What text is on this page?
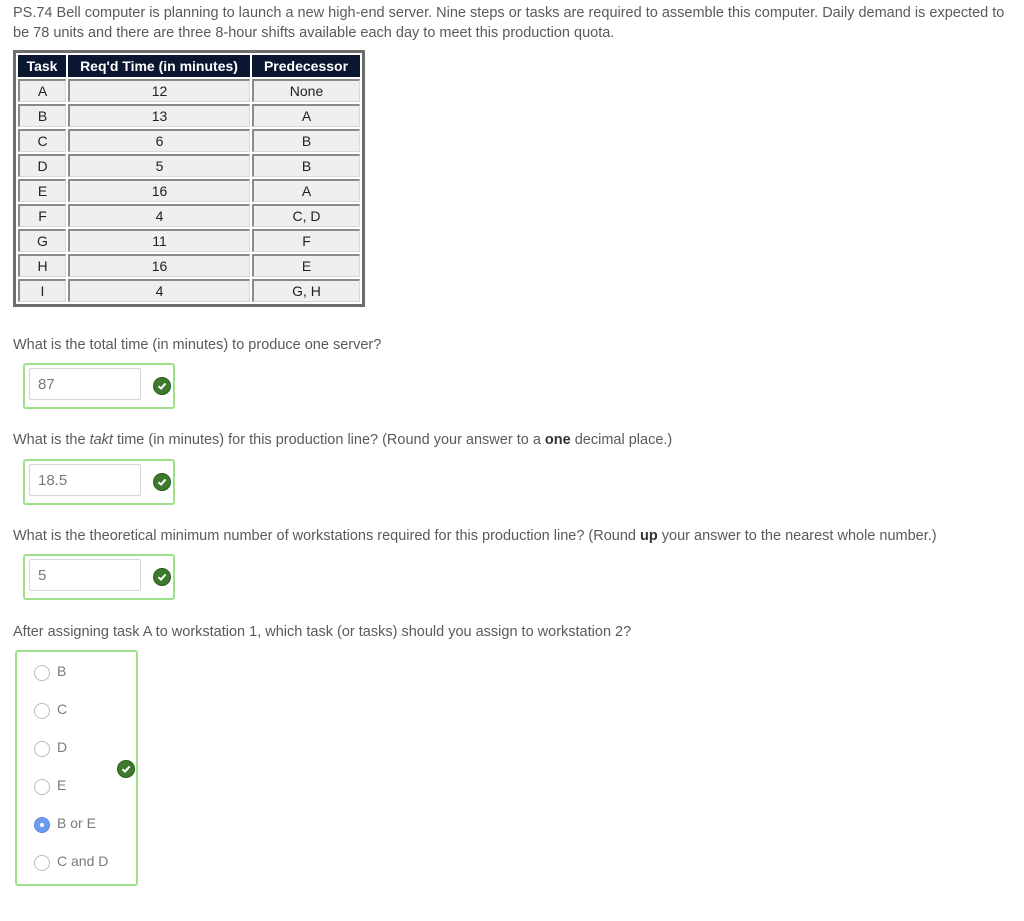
PS.74 Bell computer is planning to launch a new high-end server. Nine steps or tasks are required to assemble this computer. Daily demand is expected to be 78 units and there are three 8-hour shifts available each day to meet this production quota.
Task	Req'd Time (in minutes)	Predecessor
A	12	None
B	13	A
C	6	B
D	5	B
E	16	A
F	4	C, D
G	11	F
H	16	E
I	4	G, H
What is the total time (in minutes) to produce one server?
87
What is the takt time (in minutes) for this production line? (Round your answer to a one decimal place.)
18.5
What is the theoretical minimum number of workstations required for this production line? (Round up your answer to the nearest whole number.)
5
After assigning task A to workstation 1, which task (or tasks) should you assign to workstation 2?
B
C
D
E
B or E
C and D
